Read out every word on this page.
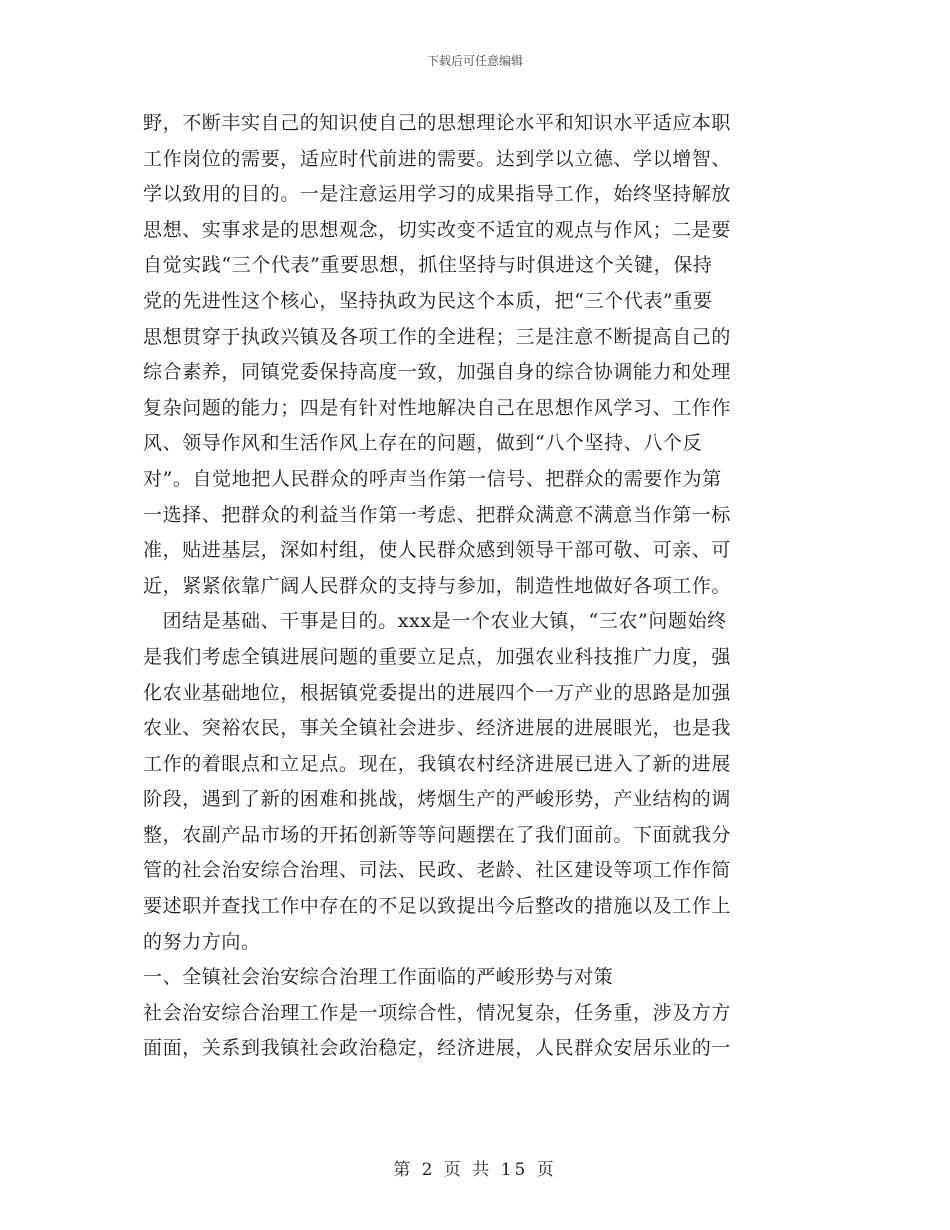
下载后可任意编辑
野，不断丰实自己的知识使自己的思想理论水平和知识水平适应本职
工作岗位的需要，适应时代前进的需要。达到学以立德、学以增智、
学以致用的目的。一是注意运用学习的成果指导工作，始终坚持解放
思想、实事求是的思想观念，切实改变不适宜的观点与作风；二是要
自觉实践“三个代表”重要思想，抓住坚持与时俱进这个关键，保持
党的先进性这个核心，坚持执政为民这个本质，把“三个代表”重要
思想贯穿于执政兴镇及各项工作的全进程；三是注意不断提高自己的
综合素养，同镇党委保持高度一致，加强自身的综合协调能力和处理
复杂问题的能力；四是有针对性地解决自己在思想作风学习、工作作
风、领导作风和生活作风上存在的问题，做到“八个坚持、八个反
对”。自觉地把人民群众的呼声当作第一信号、把群众的需要作为第
一选择、把群众的利益当作第一考虑、把群众满意不满意当作第一标
准，贴进基层，深如村组，使人民群众感到领导干部可敬、可亲、可
近，紧紧依靠广阔人民群众的支持与参加，制造性地做好各项工作。
　团结是基础、干事是目的。xxx是一个农业大镇，“三农”问题始终
是我们考虑全镇进展问题的重要立足点，加强农业科技推广力度，强
化农业基础地位，根据镇党委提出的进展四个一万产业的思路是加强
农业、突裕农民，事关全镇社会进步、经济进展的进展眼光，也是我
工作的着眼点和立足点。现在，我镇农村经济进展已进入了新的进展
阶段，遇到了新的困难和挑战，烤烟生产的严峻形势，产业结构的调
整，农副产品市场的开拓创新等等问题摆在了我们面前。下面就我分
管的社会治安综合治理、司法、民政、老龄、社区建设等项工作作简
要述职并查找工作中存在的不足以致提出今后整改的措施以及工作上
的努力方向。
一、全镇社会治安综合治理工作面临的严峻形势与对策
社会治安综合治理工作是一项综合性，情况复杂，任务重，涉及方方
面面，关系到我镇社会政治稳定，经济进展，人民群众安居乐业的一
第 2 页 共 15 页
